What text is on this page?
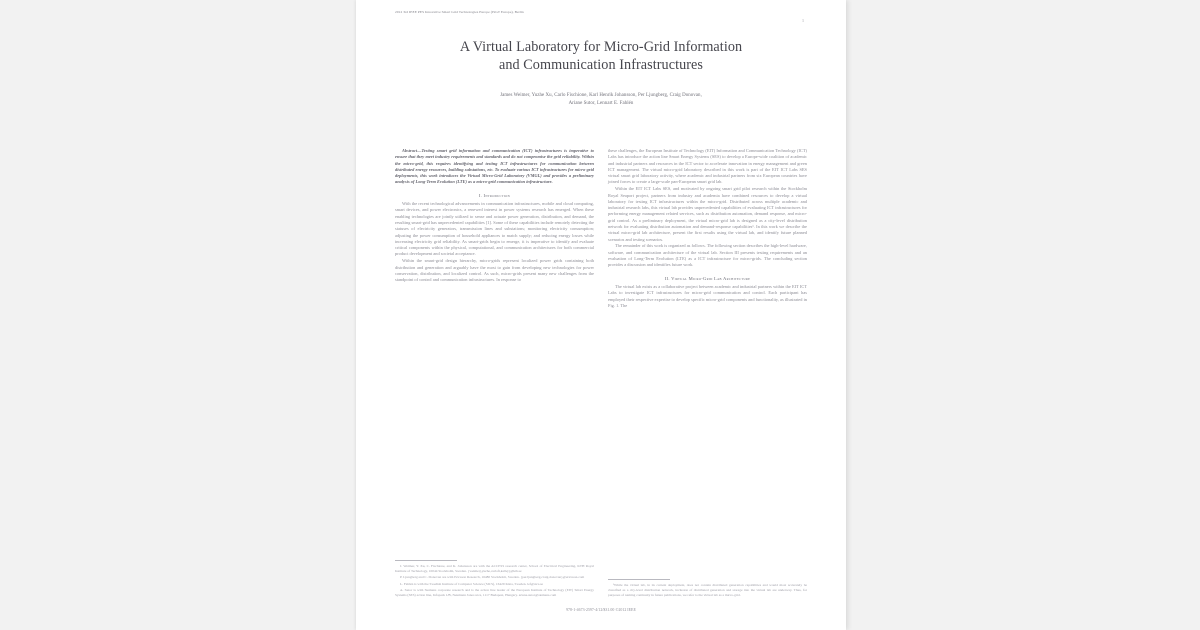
2012 3rd IEEE PES Innovative Smart Grid Technologies Europe (ISGT Europe), Berlin
1
A Virtual Laboratory for Micro-Grid Information
and Communication Infrastructures
James Weimer, Yuzhe Xu, Carlo Fischione, Karl Henrik Johansson, Per Ljungberg, Craig Donovan,
Ariane Sutor, Lennart E. Fahlén

Abstract—Testing smart grid information and communication (ICT) infrastructures is imperative to ensure that they meet industry requirements and standards and do not compromise the grid reliability. Within the micro-grid, this requires identifying and testing ICT infrastructures for communication between distributed energy resources, building substations, etc. To evaluate various ICT infrastructures for micro-grid deployments, this work introduces the Virtual Micro-Grid Laboratory (VMGL) and provides a preliminary analysis of Long-Term Evolution (LTE) as a micro-grid communication infrastructure.

I. Introduction

With the recent technological advancements in communication infrastructures, mobile and cloud computing, smart devices, and power electronics, a renewed interest in power systems research has emerged. When these enabling technologies are jointly utilized to sense and actuate power generation, distribution, and demand, the resulting smart-grid has unprecedented capabilities [1]. Some of these capabilities include remotely detecting the statuses of electricity generators, transmission lines and substations; monitoring electricity consumption; adjusting the power consumption of household appliances to match supply; and reducing energy losses while increasing electricity grid reliability. As smart-grids begin to emerge, it is imperative to identify and evaluate critical components within the physical, computational, and communication architectures for both commercial product development and societal acceptance.

Within the smart-grid design hierarchy, micro-grids represent localized power grids containing both distribution and generation and arguably have the most to gain from developing new technologies for power conservation, distribution, and localized control. As such, micro-grids present many new challenges from the standpoint of control and communication infrastructures. In response to

J. Weimer, Y. Xu, C. Fischione, and K. Johansson are with the ACCESS research center, School of Electrical Engineering, KTH Royal Institute of Technology, 10044 Stockholm, Sweden. {weimerj,yuzhe,carlofi,kallej}@kth.se

P. Ljungberg and C. Donovan are with Ericsson Research, 16480 Stockholm, Sweden. {per.ljungberg,craig.donovan}@ericsson.com

L. Fahlén is with the Swedish Institute of Computer Science (SICS), 16429 Kista, Sweden. lef@sics.se

A. Sutor is with Siemens corporate research and is the action line leader of the European Institute of Technology (EIT) Smart Energy Systems (SES) action line, Infopark 1/B, Neumann Janos utca, 1117 Budapest, Hungary. ariane.sutor@siemens.com

these challenges, the European Institute of Technology (EIT) Information and Communication Technology (ICT) Labs has introduce the action line Smart Energy Systems (SES) to develop a Europe-wide coalition of academic and industrial partners and resources in the ICT sector to accelerate innovation in energy management and green ICT management. The virtual micro-grid laboratory described in this work is part of the EIT ICT Labs SES virtual smart grid laboratory activity, where academic and industrial partners from six European countries have joined forces to create a large-scale pan-European smart grid lab.

Within the EIT ICT Labs SES, and motivated by ongoing smart grid pilot research within the Stockholm Royal Seaport project, partners from industry and academia have combined resources to develop a virtual laboratory for testing ICT infrastructures within the micro-grid. Distributed across multiple academic and industrial research labs, this virtual lab provides unprecedented capabilities of evaluating ICT infrastructures for performing energy management related services, such as distribution automation, demand response, and micro-grid control. As a preliminary deployment, the virtual micro-grid lab is designed as a city-level distribution network for evaluating distribution automation and demand-response capabilities¹. In this work we describe the virtual micro-grid lab architecture, present the first results using the virtual lab, and identify future planned scenarios and testing scenarios.

The remainder of this work is organized as follows. The following section describes the high-level hardware, software, and communication architecture of the virtual lab. Section III presents testing requirements and an evaluation of Long-Term Evolution (LTE) as a ICT infrastructure for micro-grids. The concluding section provides a discussion and identifies future work.

II. Virtual Micro-Grid Lab Architecture

The virtual lab exists as a collaborative project between academic and industrial partners within the EIT ICT Labs to investigate ICT infrastructures for micro-grid communication and control. Each participant has employed their respective expertise to develop specific micro-grid components and functionality, as illustrated in Fig. 1. The

¹While the virtual lab, in its current deployment, does not contain distributed generation capabilities and would most accurately be classified as a city-level distribution network, inclusion of distributed generation and storage into the virtual lab are underway. Thus, for purposes of naming continuity in future publications, we refer to the virtual lab as a micro-grid.

978-1-4673-2597-4/12/$31.00 ©2012 IEEE
